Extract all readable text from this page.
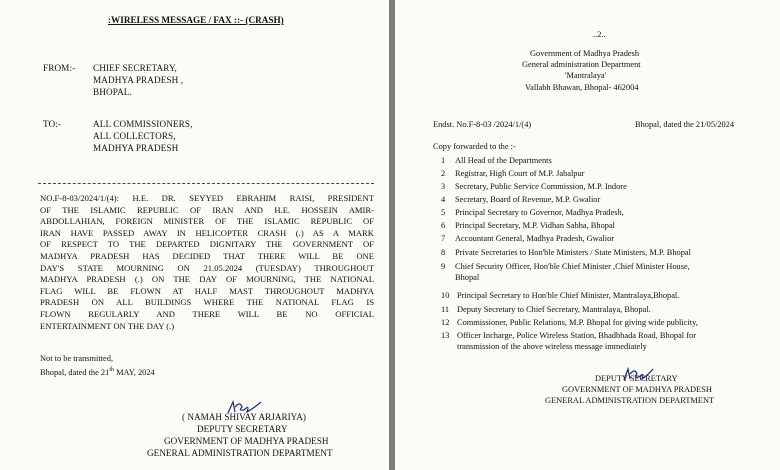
:WIRELESS MESSAGE / FAX ::- (CRASH)
FROM:- CHIEF SECRETARY,
MADHYA PRADESH ,
BHOPAL.
TO:-	ALL COMMISSIONERS,
ALL COLLECTORS,
MADHYA PRADESH
NO.F-8-03/2024/1/(4): H.E. DR. SEYYED EBRAHIM RAISI, PRESIDENT
OF THE ISLAMIC REPUBLIC OF IRAN AND H.E. HOSSEIN AMIR-
ABDOLLAHIAN, FOREIGN MINISTER OF THE ISLAMIC REPUBLIC OF
IRAN HAVE PASSED AWAY IN HELICOPTER CRASH (.) AS A MARK
OF RESPECT TO THE DEPARTED DIGNITARY THE GOVERNMENT OF
MADHYA PRADESH HAS DECIDED THAT THERE WILL BE ONE
DAY'S STATE MOURNING ON 21.05.2024 (TUESDAY) THROUGHOUT
MADHYA PRADESH (.) ON THE DAY OF MOURNING, THE NATIONAL
FLAG WILL BE FLOWN AT HALF MAST THROUGHOUT MADHYA
PRADESH ON ALL BUILDINGS WHERE THE NATIONAL FLAG IS
FLOWN REGULARLY AND THERE WILL BE NO OFFICIAL
ENTERTAINMENT ON THE DAY (.)
Not to be transmitted,
Bhopal, dated the 21th MAY, 2024
( NAMAH SHIVAY ARJARIYA)
DEPUTY SECRETARY
GOVERNMENT OF MADHYA PRADESH
GENERAL ADMINISTRATION DEPARTMENT
..2..
Government of Madhya Pradesh
General administration Department
'Mantralaya'
Vallabh Bhawan, Bhopal- 462004
Endst. No.F-8-03 /2024/1/(4)	Bhopal, dated the 21/05/2024
Copy forwarded to the :-
1 All Head of the Departments
2 Registrar, High Court of M.P. Jabalpur
3 Secretary, Public Service Commission, M.P. Indore
4 Secretary, Board of Revenue, M.P. Gwalior
5 Principal Secretary to Governor, Madhya Pradesh,
6 Principal Secretary, M.P. Vidhan Sabha, Bhopal
7 Accountant General, Madhya Pradesh, Gwalior
8 Private Secretaries to Hon'ble Ministers / State Ministers, M.P. Bhopal
9 Chief Security Officer, Hon'ble Chief Minister ,Chief Minister House,
Bhopal
10 Principal Secretary to Hon'ble Chief Minister, Mantralaya,Bhopal.
11 Deputy Secretary to Chief Secretary, Mantralaya, Bhopal.
12 Commissioner, Public Relations, M.P. Bhopal for giving wide publicity,
13 Officer Incharge, Police Wireless Station, Bhadbhada Road, Bhopal for
transmission of the above wireless message immediately
DEPUTY SECRETARY
GOVERNMENT OF MADHYA PRADESH
GENERAL ADMINISTRATION DEPARTMENT
